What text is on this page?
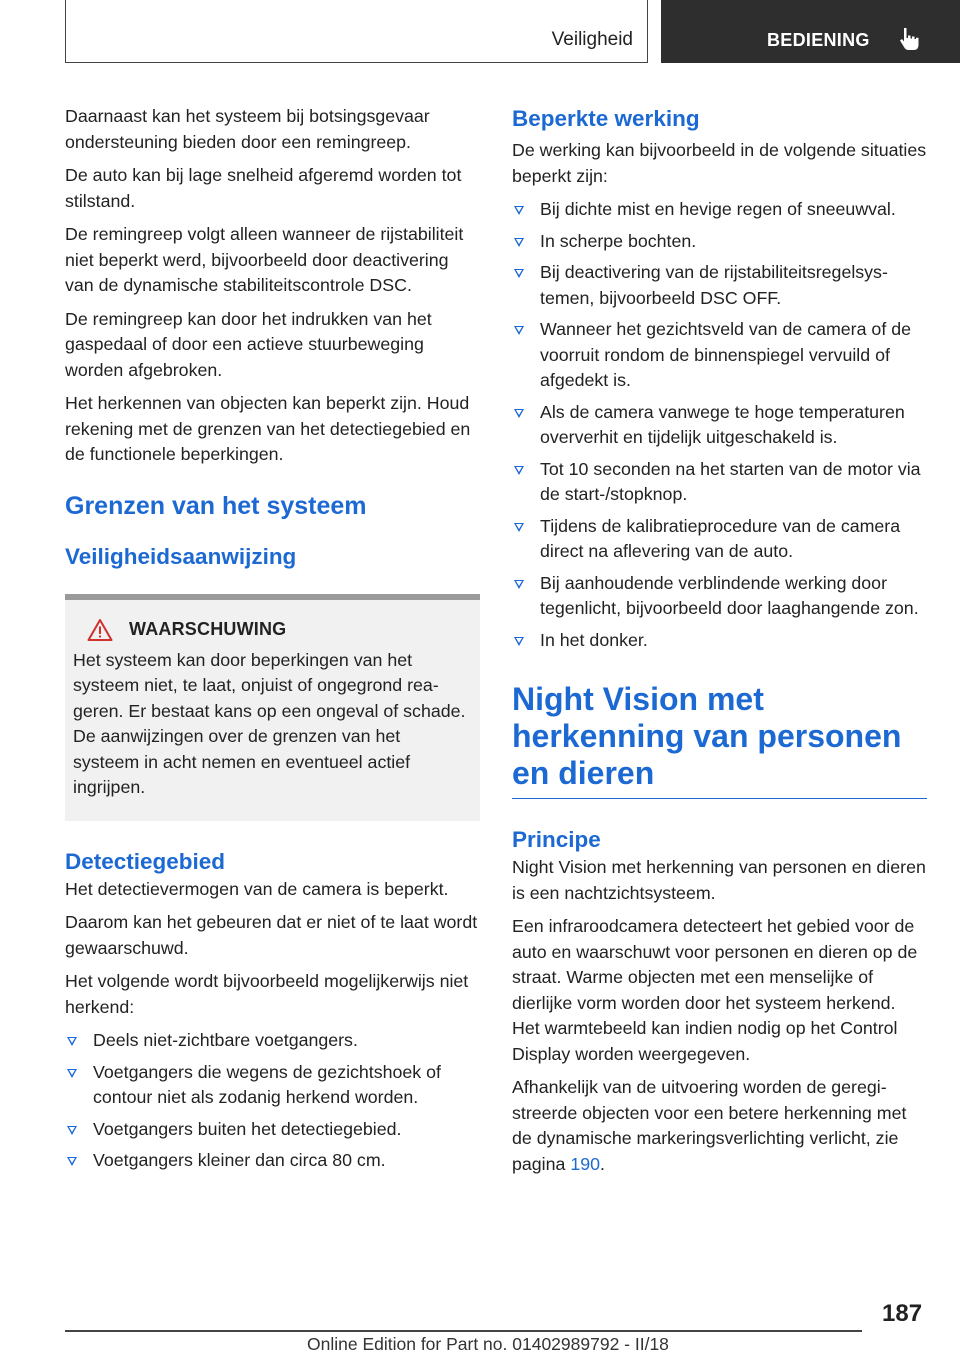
Veiligheid	BEDIENING

Daarnaast kan het systeem bij botsingsgevaar ondersteuning bieden door een remingreep.

De auto kan bij lage snelheid afgeremd worden tot stilstand.

De remingreep volgt alleen wanneer de rijstabiliteit niet beperkt werd, bijvoorbeeld door deactivering van de dynamische stabiliteitscontrole DSC.

De remingreep kan door het indrukken van het gaspedaal of door een actieve stuurbeweging worden afgebroken.

Het herkennen van objecten kan beperkt zijn. Houd rekening met de grenzen van het detectiegebied en de functionele beperkingen.

Grenzen van het systeem
Veiligheidsaanwijzing
WAARSCHUWING

Het systeem kan door beperkingen van het systeem niet, te laat, onjuist of ongegrond reageren. Er bestaat kans op een ongeval of schade. De aanwijzingen over de grenzen van het systeem in acht nemen en eventueel actief ingrijpen.

Detectiegebied

Het detectievermogen van de camera is beperkt.

Daarom kan het gebeuren dat er niet of te laat wordt gewaarschuwd.

Het volgende wordt bijvoorbeeld mogelijkerwijs niet herkend:

Deels niet-zichtbare voetgangers.
Voetgangers die wegens de gezichtshoek of contour niet als zodanig herkend worden.
Voetgangers buiten het detectiegebied.
Voetgangers kleiner dan circa 80 cm.
Beperkte werking

De werking kan bijvoorbeeld in de volgende situaties beperkt zijn:

Bij dichte mist en hevige regen of sneeuwval.
In scherpe bochten.
Bij deactivering van de rijstabiliteitsregelsystemen, bijvoorbeeld DSC OFF.
Wanneer het gezichtsveld van de camera of de voorruit rondom de binnenspiegel vervuild of afgedekt is.
Als de camera vanwege te hoge temperaturen oververhit en tijdelijk uitgeschakeld is.
Tot 10 seconden na het starten van de motor via de start-/stopknop.
Tijdens de kalibratieprocedure van de camera direct na aflevering van de auto.
Bij aanhoudende verblindende werking door tegenlicht, bijvoorbeeld door laaghangende zon.
In het donker.
Night Vision met herkenning van personen en dieren
Principe

Night Vision met herkenning van personen en dieren is een nachtzichtsysteem.

Een infraroodcamera detecteert het gebied voor de auto en waarschuwt voor personen en dieren op de straat. Warme objecten met een menselijke of dierlijke vorm worden door het systeem herkend. Het warmtebeeld kan indien nodig op het Control Display worden weergegeven.

Afhankelijk van de uitvoering worden de geregistreerde objecten voor een betere herkenning met de dynamische markeringsverlichting verlicht, zie pagina 190.

187
Online Edition for Part no. 01402989792 - II/18
